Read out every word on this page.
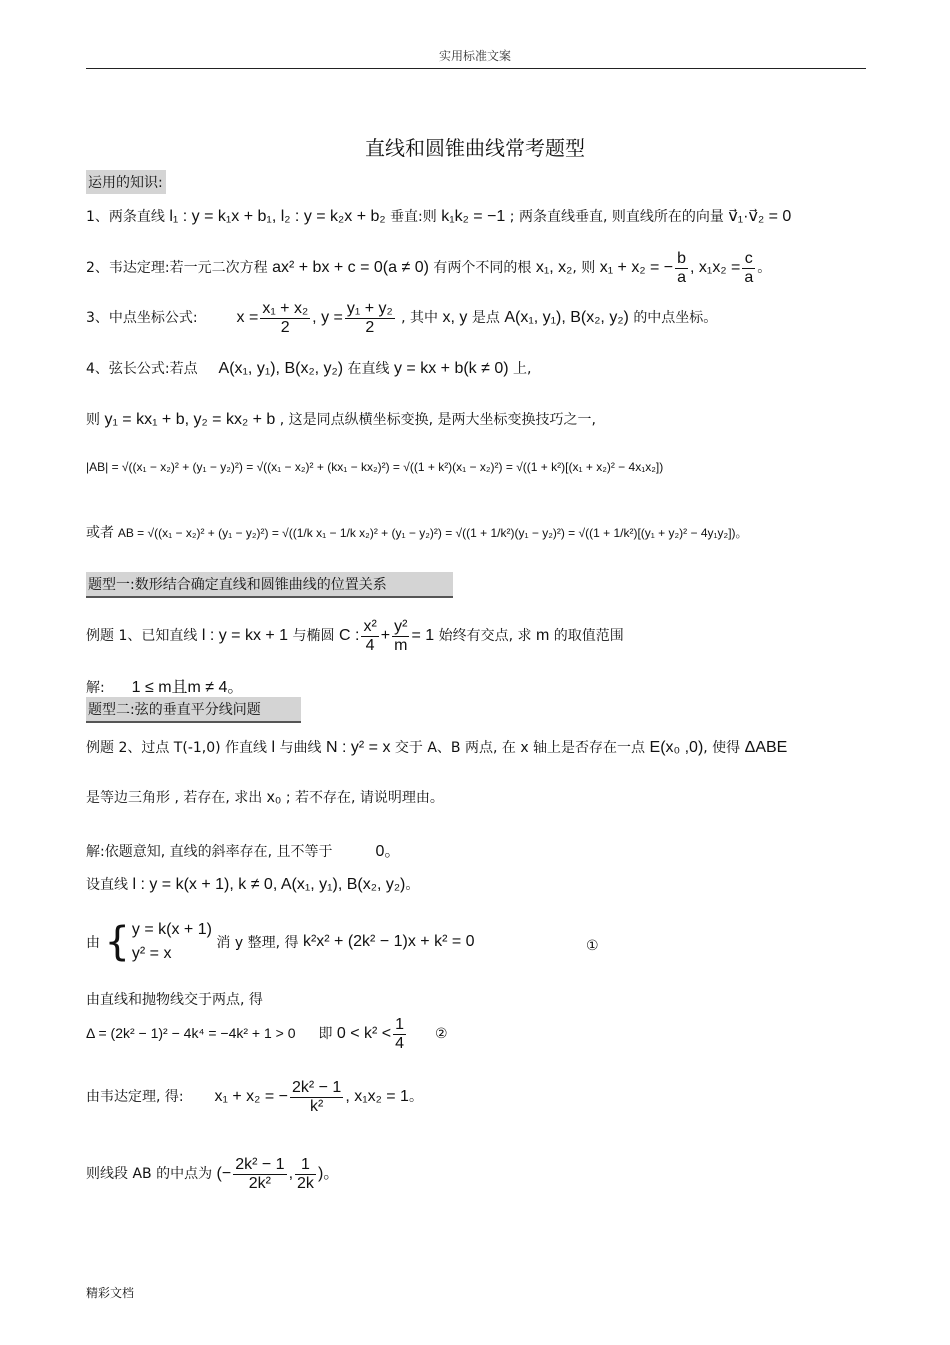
实用标准文案
直线和圆锥曲线常考题型
运用的知识:
1、两条直线 l₁ : y = k₁x + b₁, l₂ : y = k₂x + b₂ 垂直:则 k₁k₂ = −1 ; 两条直线垂直, 则直线所在的向量 v⃗₁·v⃗₂ = 0
2、韦达定理:若一元二次方程 ax² + bx + c = 0(a ≠ 0) 有两个不同的根 x₁, x₂, 则 x₁ + x₂ = − $\frac{b}{a}$ , $x_1x_2 = \frac{c}{a}$ 。
3、中点坐标公式: $x = \frac{\text{x₁ + x₂}}{2}$ , $y = \frac{\text{y₁ + y₂}}{2}$ , 其中 x, y 是点 A(x₁, y₁), B(x₂, y₂) 的中点坐标。
4、弦长公式:若点 A(x₁, y₁), B(x₂, y₂) 在直线 y = kx + b(k ≠ 0) 上,
则 y₁ = kx₁ + b, y₂ = kx₂ + b , 这是同点纵横坐标变换, 是两大坐标变换技巧之一,
|AB| = √((x₁ − x₂)² + (y₁ − y₂)²) = √((x₁ − x₂)² + (kx₁ − kx₂)²) = √((1 + k²)(x₁ − x₂)²) = √((1 + k²)[(x₁ + x₂)² − 4x₁x₂])
或者 AB = √((x₁ − x₂)² + (y₁ − y₂)²) = √((1/k x₁ − 1/k x₂)² + (y₁ − y₂)²) = √((1 + 1/k²)(y₁ − y₂)²) = √((1 + 1/k²)[(y₁ + y₂)² − 4y₁y₂])。
题型一:数形结合确定直线和圆锥曲线的位置关系
例题 1、已知直线 l : y = kx + 1 与椭圆 C : $\frac{\text{x²}}{4} + \frac{\text{y²}}{m} = 1$ 始终有交点, 求 m 的取值范围
解: 1 ≤ m且m ≠ 4。
题型二:弦的垂直平分线问题
例题 2、过点 T(-1,0) 作直线 l 与曲线 N : y² = x 交于 A、B 两点, 在 x 轴上是否存在一点 E(x₀ ,0), 使得 ΔABE
是等边三角形 , 若存在, 求出 x₀ ; 若不存在, 请说明理由。
解:依题意知, 直线的斜率存在, 且不等于	0。
设直线 l : y = k(x + 1), k ≠ 0, A(x₁, y₁), B(x₂, y₂)。
由 { y = k(x + 1)
y² = x
消 y 整理, 得 k²x² + (2k² − 1)x + k² = 0	①
由直线和抛物线交于两点, 得
Δ = (2k² − 1)² − 4k⁴ = −4k² + 1 > 0 即 $0 < k^2 < \frac{1}{4}$ ②
由韦达定理, 得: x₁ + x₂ = − $\frac{\text{2k² − 1}}{\text{k²}}$ , x₁x₂ = 1。
则线段 AB 的中点为 (− $\frac{\text{2k² − 1}}{\text{2k²}}$ , $\frac{1}{2k}$ )。
精彩文档
